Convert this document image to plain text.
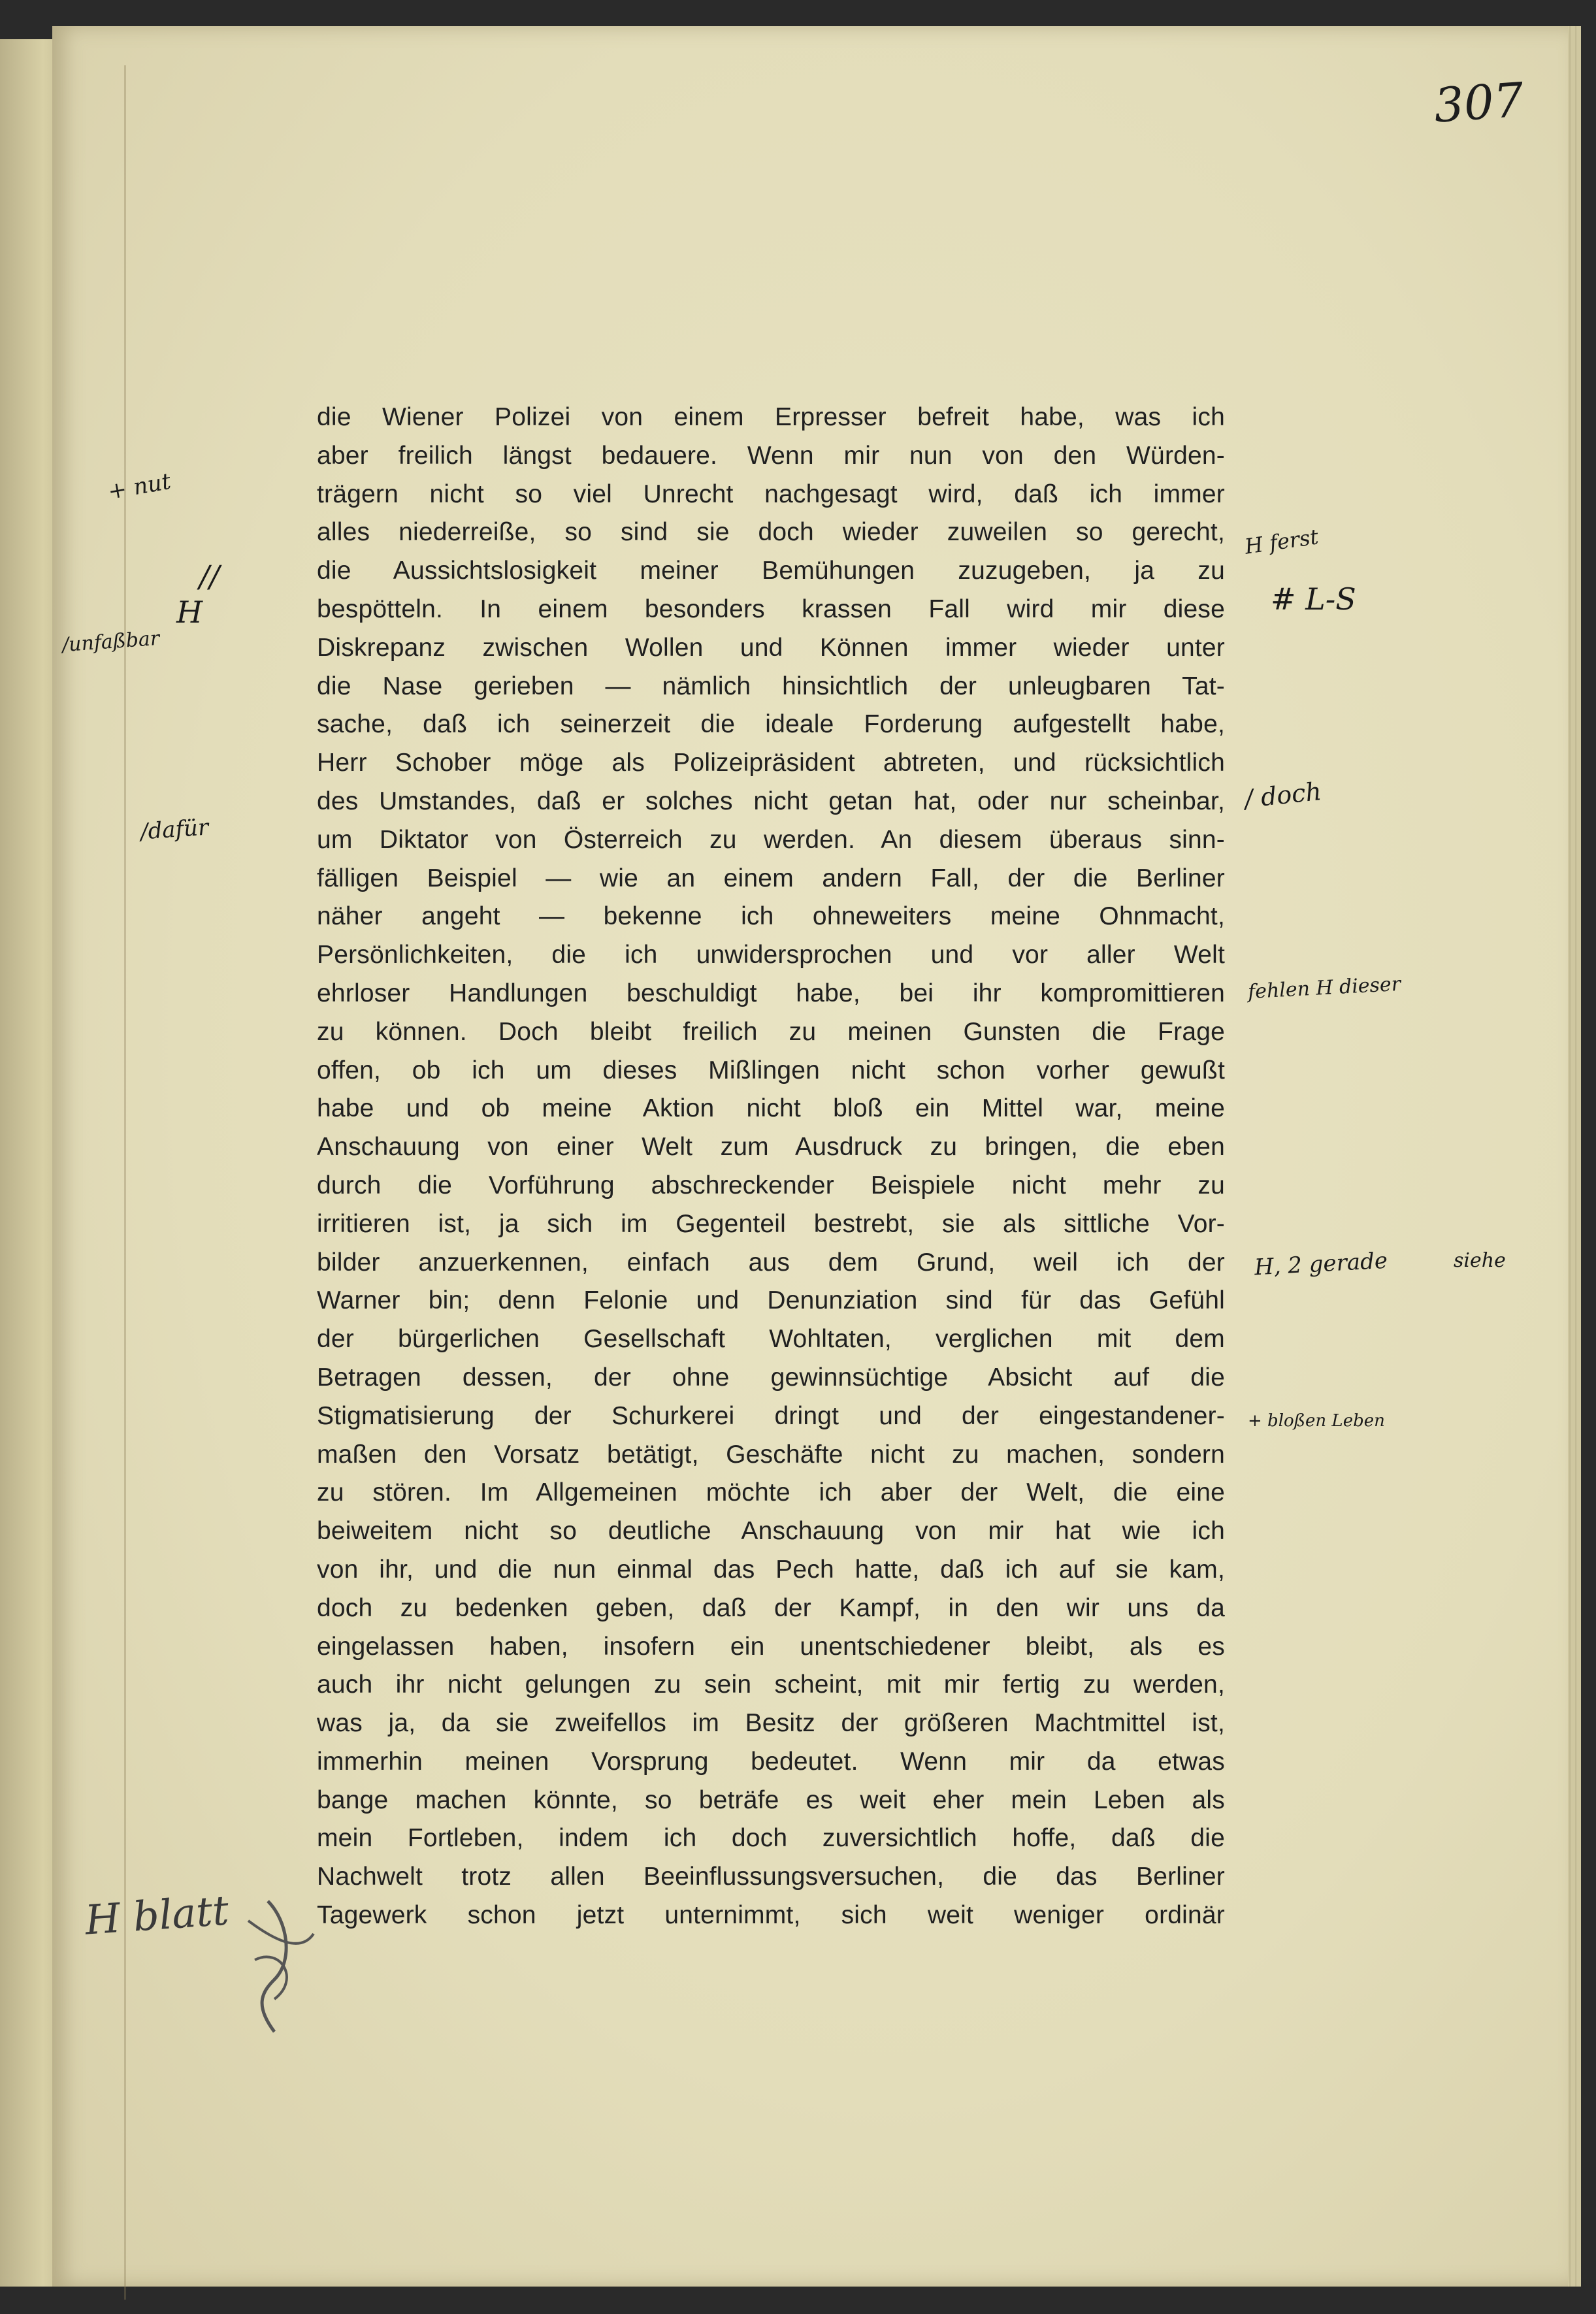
307
die Wiener Polizei von einem Erpresser befreit habe, was ich
aber freilich längst bedauere. Wenn mir nun von den Würden-
trägern nicht so viel Unrecht nachgesagt wird, daß ich immer
alles niederreiße, so sind sie doch wieder zuweilen so gerecht,
die Aussichtslosigkeit meiner Bemühungen zuzugeben, ja zu
bespötteln. In einem besonders krassen Fall wird mir diese
Diskrepanz zwischen Wollen und Können immer wieder unter
die Nase gerieben — nämlich hinsichtlich der unleugbaren Tat-
sache, daß ich seinerzeit die ideale Forderung aufgestellt habe,
Herr Schober möge als Polizeipräsident abtreten, und rücksichtlich
des Umstandes, daß er solches nicht getan hat, oder nur scheinbar,
um Diktator von Österreich zu werden. An diesem überaus sinn-
fälligen Beispiel — wie an einem andern Fall, der die Berliner
näher angeht — bekenne ich ohneweiters meine Ohnmacht,
Persönlichkeiten, die ich unwidersprochen und vor aller Welt
ehrloser Handlungen beschuldigt habe, bei ihr kompromittieren
zu können. Doch bleibt freilich zu meinen Gunsten die Frage
offen, ob ich um dieses Mißlingen nicht schon vorher gewußt
habe und ob meine Aktion nicht bloß ein Mittel war, meine
Anschauung von einer Welt zum Ausdruck zu bringen, die eben
durch die Vorführung abschreckender Beispiele nicht mehr zu
irritieren ist, ja sich im Gegenteil bestrebt, sie als sittliche Vor-
bilder anzuerkennen, einfach aus dem Grund, weil ich der
Warner bin; denn Felonie und Denunziation sind für das Gefühl
der bürgerlichen Gesellschaft Wohltaten, verglichen mit dem
Betragen dessen, der ohne gewinnsüchtige Absicht auf die
Stigmatisierung der Schurkerei dringt und der eingestandener-
maßen den Vorsatz betätigt, Geschäfte nicht zu machen, sondern
zu stören. Im Allgemeinen möchte ich aber der Welt, die eine
beiweitem nicht so deutliche Anschauung von mir hat wie ich
von ihr, und die nun einmal das Pech hatte, daß ich auf sie kam,
doch zu bedenken geben, daß der Kampf, in den wir uns da
eingelassen haben, insofern ein unentschiedener bleibt, als es
auch ihr nicht gelungen zu sein scheint, mit mir fertig zu werden,
was ja, da sie zweifellos im Besitz der größeren Machtmittel ist,
immerhin meinen Vorsprung bedeutet. Wenn mir da etwas
bange machen könnte, so beträfe es weit eher mein Leben als
mein Fortleben, indem ich doch zuversichtlich hoffe, daß die
Nachwelt trotz allen Beeinflussungsversuchen, die das Berliner
Tagewerk schon jetzt unternimmt, sich weit weniger ordinär
+ nut
//
H
/unfaßbar
/dafür
H blatt
H ferst
# L-S
/ doch
fehlen H dieser
H, 2 gerade	siehe
+ bloßen Leben
